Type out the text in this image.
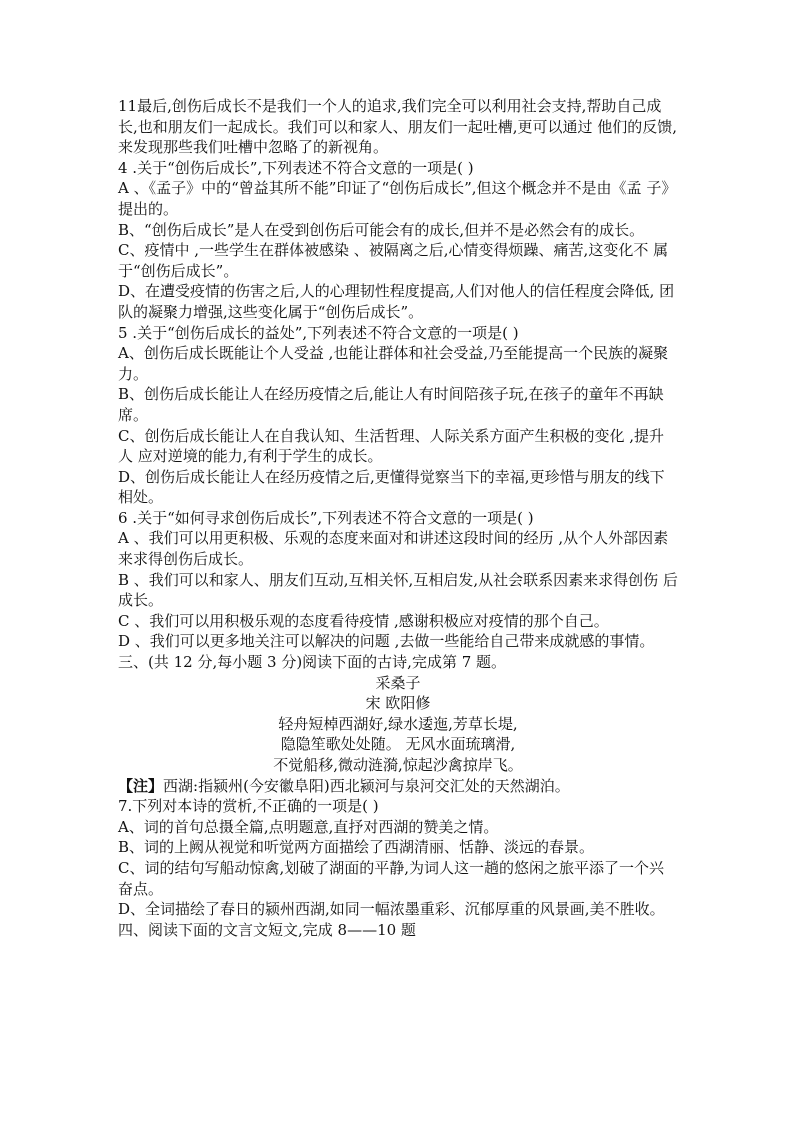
11最后,创伤后成长不是我们一个人的追求,我们完全可以利用社会支持,帮助自己成长,也和朋友们一起成长。我们可以和家人、朋友们一起吐槽,更可以通过 他们的反馈,来发现那些我们吐槽中忽略了的新视角。

4 .关于“创伤后成长”,下列表述不符合文意的一项是( )

A 、《孟子》中的“曾益其所不能”印证了“创伤后成长”,但这个概念并不是由《孟 子》提出的。

B、“创伤后成长”是人在受到创伤后可能会有的成长,但并不是必然会有的成长。

C、疫情中 ,一些学生在群体被感染 、被隔离之后,心情变得烦躁、痛苦,这变化不 属于“创伤后成长”。

D、在遭受疫情的伤害之后,人的心理韧性程度提高,人们对他人的信任程度会降低, 团队的凝聚力增强,这些变化属于“创伤后成长”。

5 .关于“创伤后成长的益处”,下列表述不符合文意的一项是( )

A、创伤后成长既能让个人受益 ,也能让群体和社会受益,乃至能提高一个民族的凝聚 力。

B、创伤后成长能让人在经历疫情之后,能让人有时间陪孩子玩,在孩子的童年不再缺 席。

C、创伤后成长能让人在自我认知、生活哲理、人际关系方面产生积极的变化 ,提升人 应对逆境的能力,有利于学生的成长。

D、创伤后成长能让人在经历疫情之后,更懂得觉察当下的幸福,更珍惜与朋友的线下 相处。

6 .关于“如何寻求创伤后成长”,下列表述不符合文意的一项是( )

A 、我们可以用更积极、乐观的态度来面对和讲述这段时间的经历 ,从个人外部因素 来求得创伤后成长。

B 、我们可以和家人、朋友们互动,互相关怀,互相启发,从社会联系因素来求得创伤 后成长。

C 、我们可以用积极乐观的态度看待疫情 ,感谢积极应对疫情的那个自己。

D 、我们可以更多地关注可以解决的问题 ,去做一些能给自己带来成就感的事情。

三、(共 12 分,每小题 3 分)阅读下面的古诗,完成第 7 题。

采桑子

宋 欧阳修

轻舟短棹西湖好,绿水逶迤,芳草长堤,

隐隐笙歌处处随。 无风水面琉璃滑,

不觉船移,微动涟漪,惊起沙禽掠岸飞。

【注】西湖:指颍州(今安徽阜阳)西北颍河与泉河交汇处的天然湖泊。

7.下列对本诗的赏析,不正确的一项是( )

A、词的首句总摄全篇,点明题意,直抒对西湖的赞美之情。

B、词的上阙从视觉和听觉两方面描绘了西湖清丽、恬静、淡远的春景。

C、词的结句写船动惊禽,划破了湖面的平静,为词人这一趟的悠闲之旅平添了一个兴 奋点。

D、全词描绘了春日的颍州西湖,如同一幅浓墨重彩、沉郁厚重的风景画,美不胜收。

四、阅读下面的文言文短文,完成 8——10 题
